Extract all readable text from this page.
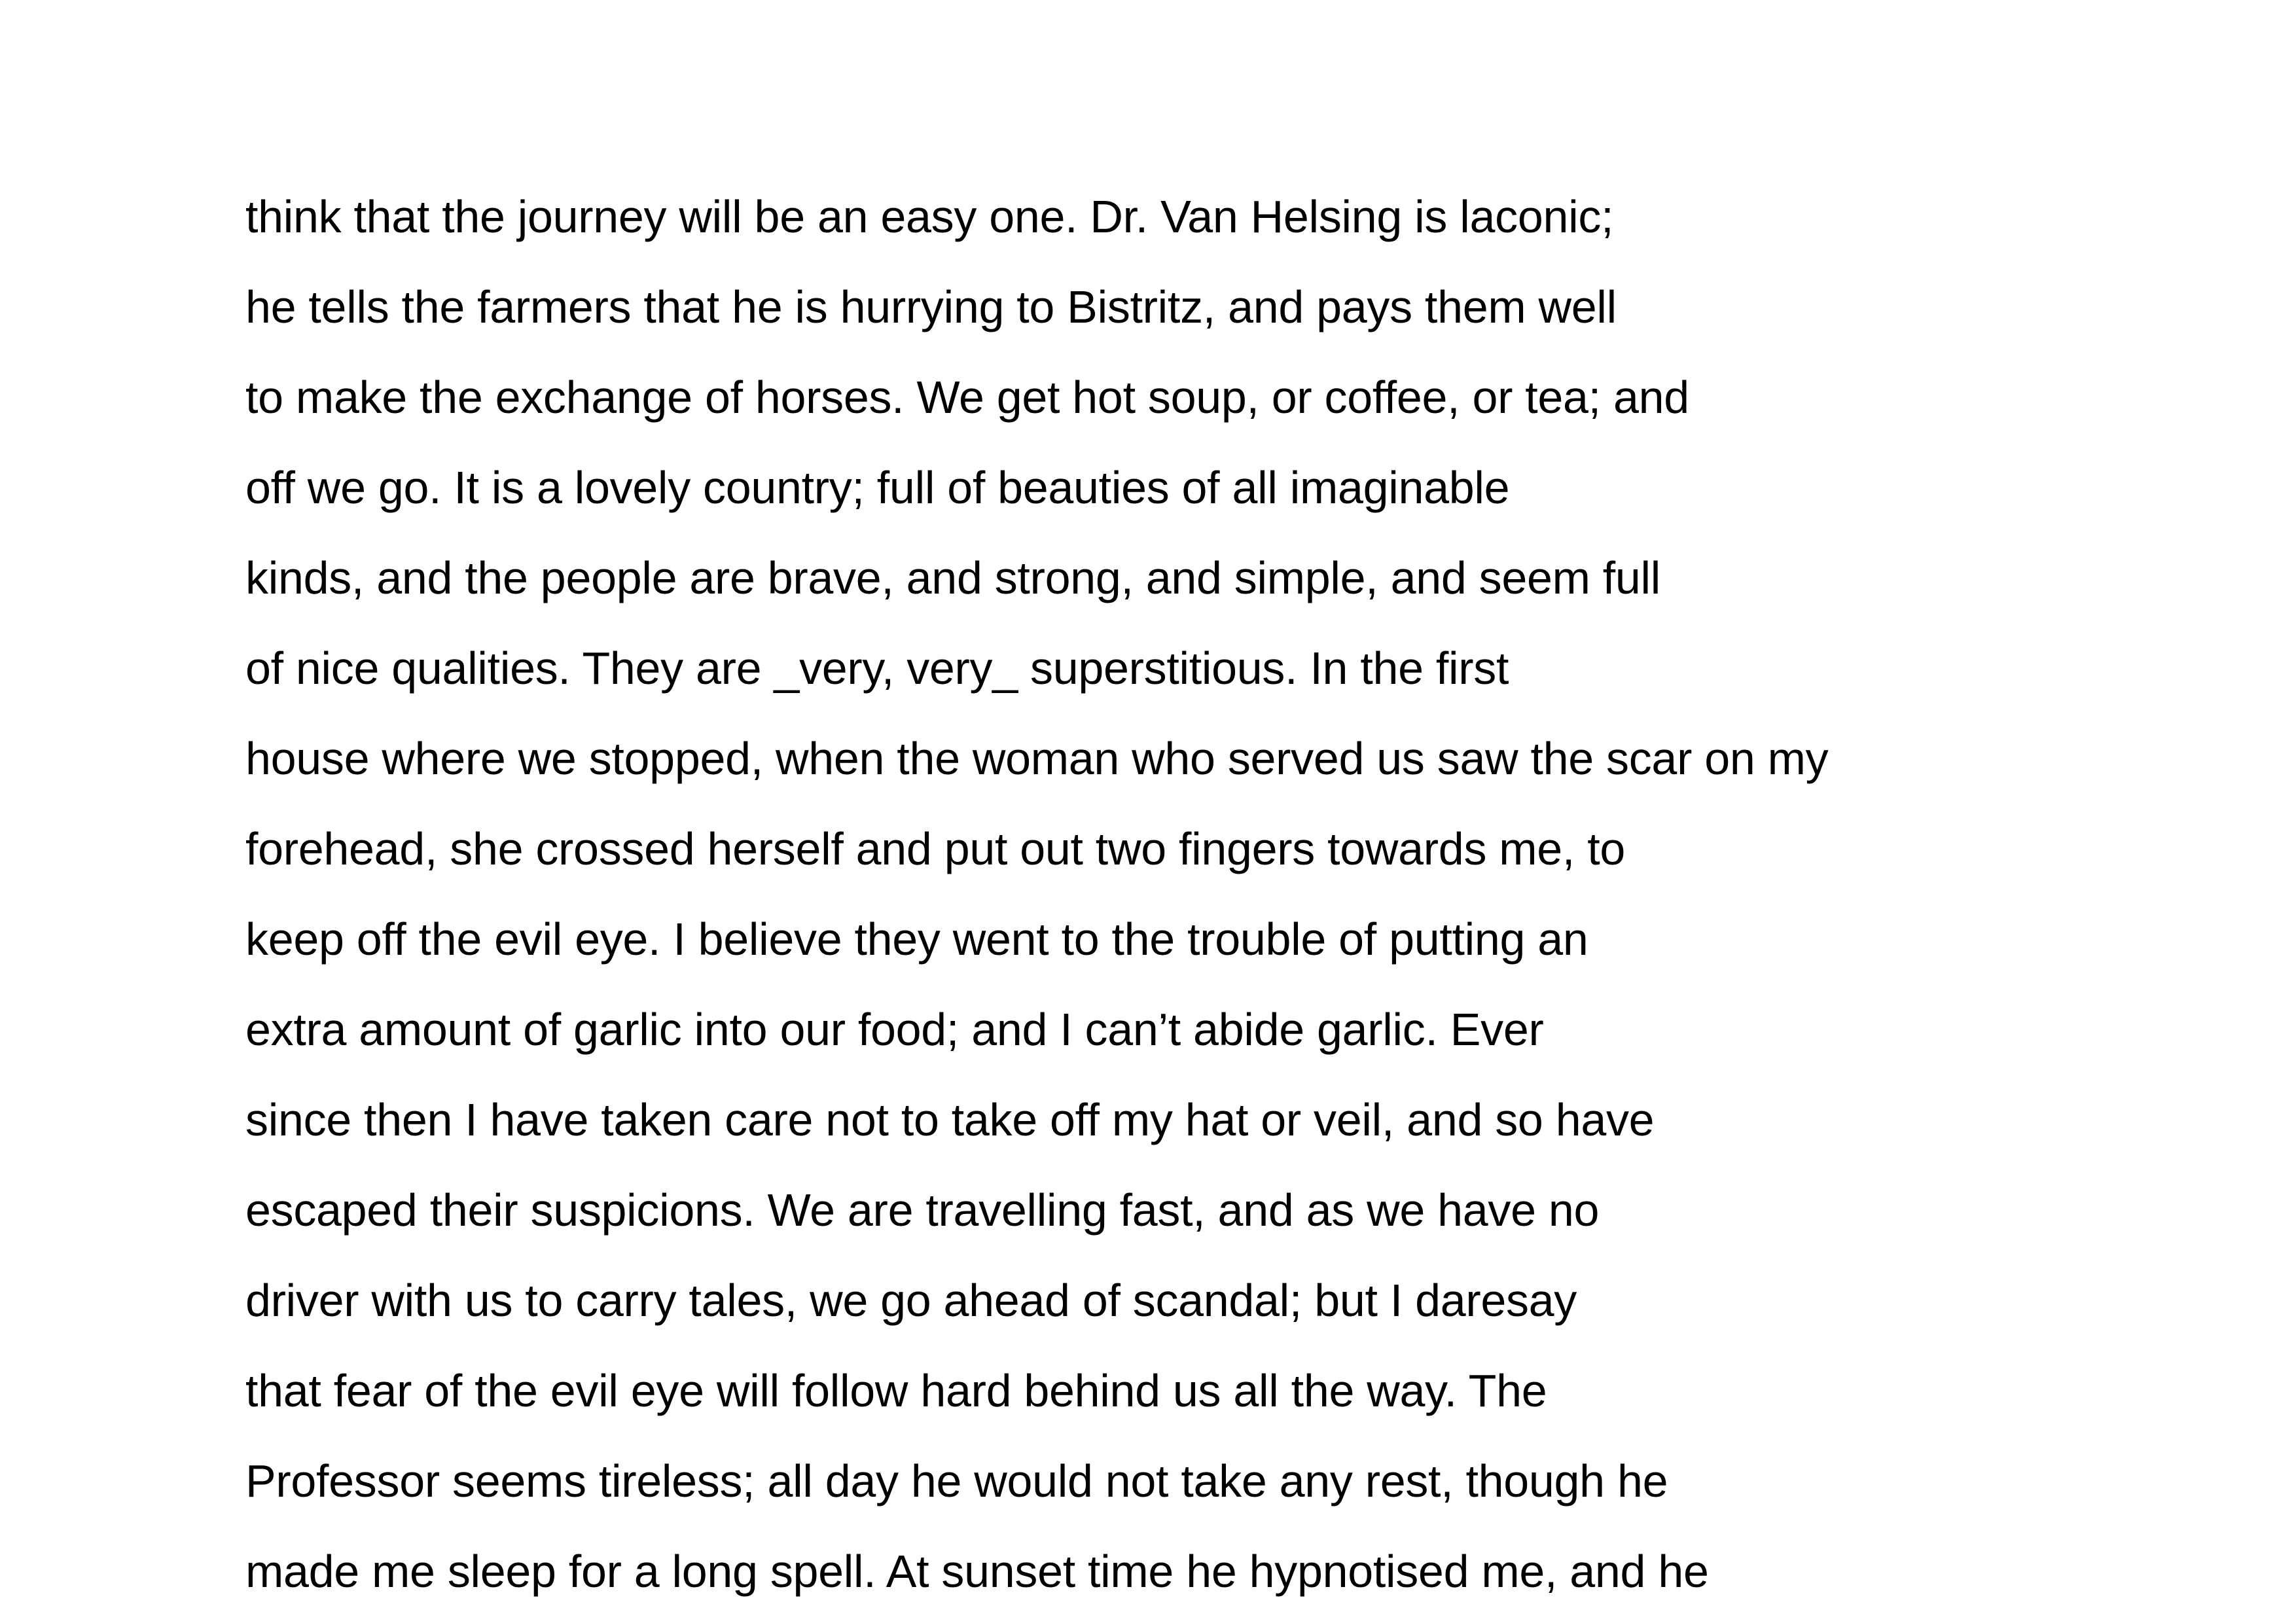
think that the journey will be an easy one. Dr. Van Helsing is laconic;
he tells the farmers that he is hurrying to Bistritz, and pays them well
to make the exchange of horses. We get hot soup, or coffee, or tea; and
off we go. It is a lovely country; full of beauties of all imaginable
kinds, and the people are brave, and strong, and simple, and seem full
of nice qualities. They are _very, very_ superstitious. In the first
house where we stopped, when the woman who served us saw the scar on my
forehead, she crossed herself and put out two fingers towards me, to
keep off the evil eye. I believe they went to the trouble of putting an
extra amount of garlic into our food; and I can’t abide garlic. Ever
since then I have taken care not to take off my hat or veil, and so have
escaped their suspicions. We are travelling fast, and as we have no
driver with us to carry tales, we go ahead of scandal; but I daresay
that fear of the evil eye will follow hard behind us all the way. The
Professor seems tireless; all day he would not take any rest, though he
made me sleep for a long spell. At sunset time he hypnotised me, and he
